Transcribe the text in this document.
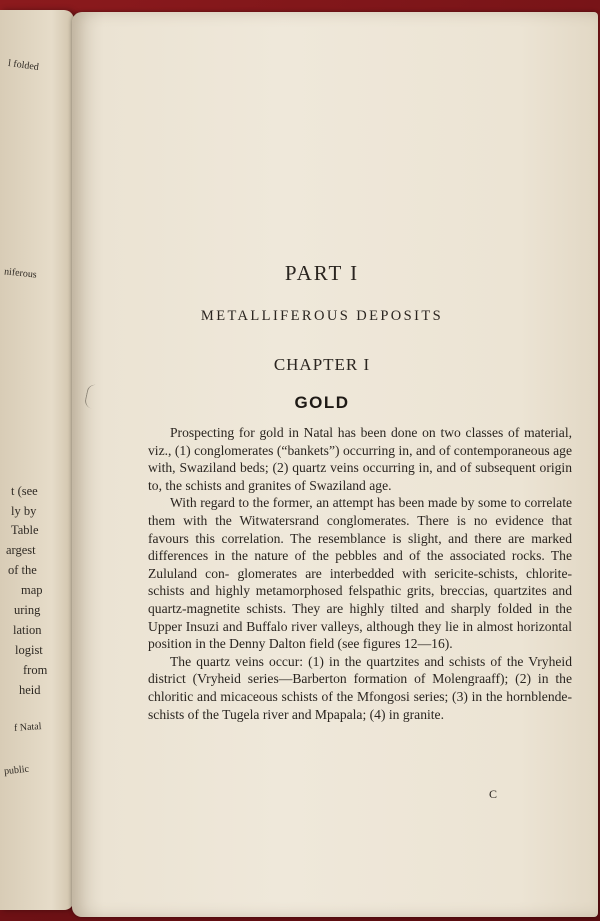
l folded
niferous
t (see
ly by
Table
argest
of the
map
uring
lation
logist
from
heid
f Natal
public
PART I
METALLIFEROUS DEPOSITS
CHAPTER I
GOLD

Prospecting for gold in Natal has been done on two classes of material, viz., (1) conglomerates (“bankets”) occurring in, and of contemporaneous age with, Swaziland beds; (2) quartz veins occurring in, and of subsequent origin to, the schists and granites of Swaziland age.

With regard to the former, an attempt has been made by some to correlate them with the Witwatersrand conglomerates. There is no evidence that favours this correlation. The resemblance is slight, and there are marked differences in the nature of the pebbles and of the associated rocks. The Zululand con- glomerates are interbedded with sericite-schists, chlorite-schists and highly metamorphosed felspathic grits, breccias, quartzites and quartz-magnetite schists. They are highly tilted and sharply folded in the Upper Insuzi and Buffalo river valleys, although they lie in almost horizontal position in the Denny Dalton field (see figures 12—16).

The quartz veins occur: (1) in the quartzites and schists of the Vryheid district (Vryheid series—Barberton formation of Molengraaff); (2) in the chloritic and micaceous schists of the Mfongosi series; (3) in the hornblende-schists of the Tugela river and Mpapala; (4) in granite.

C
